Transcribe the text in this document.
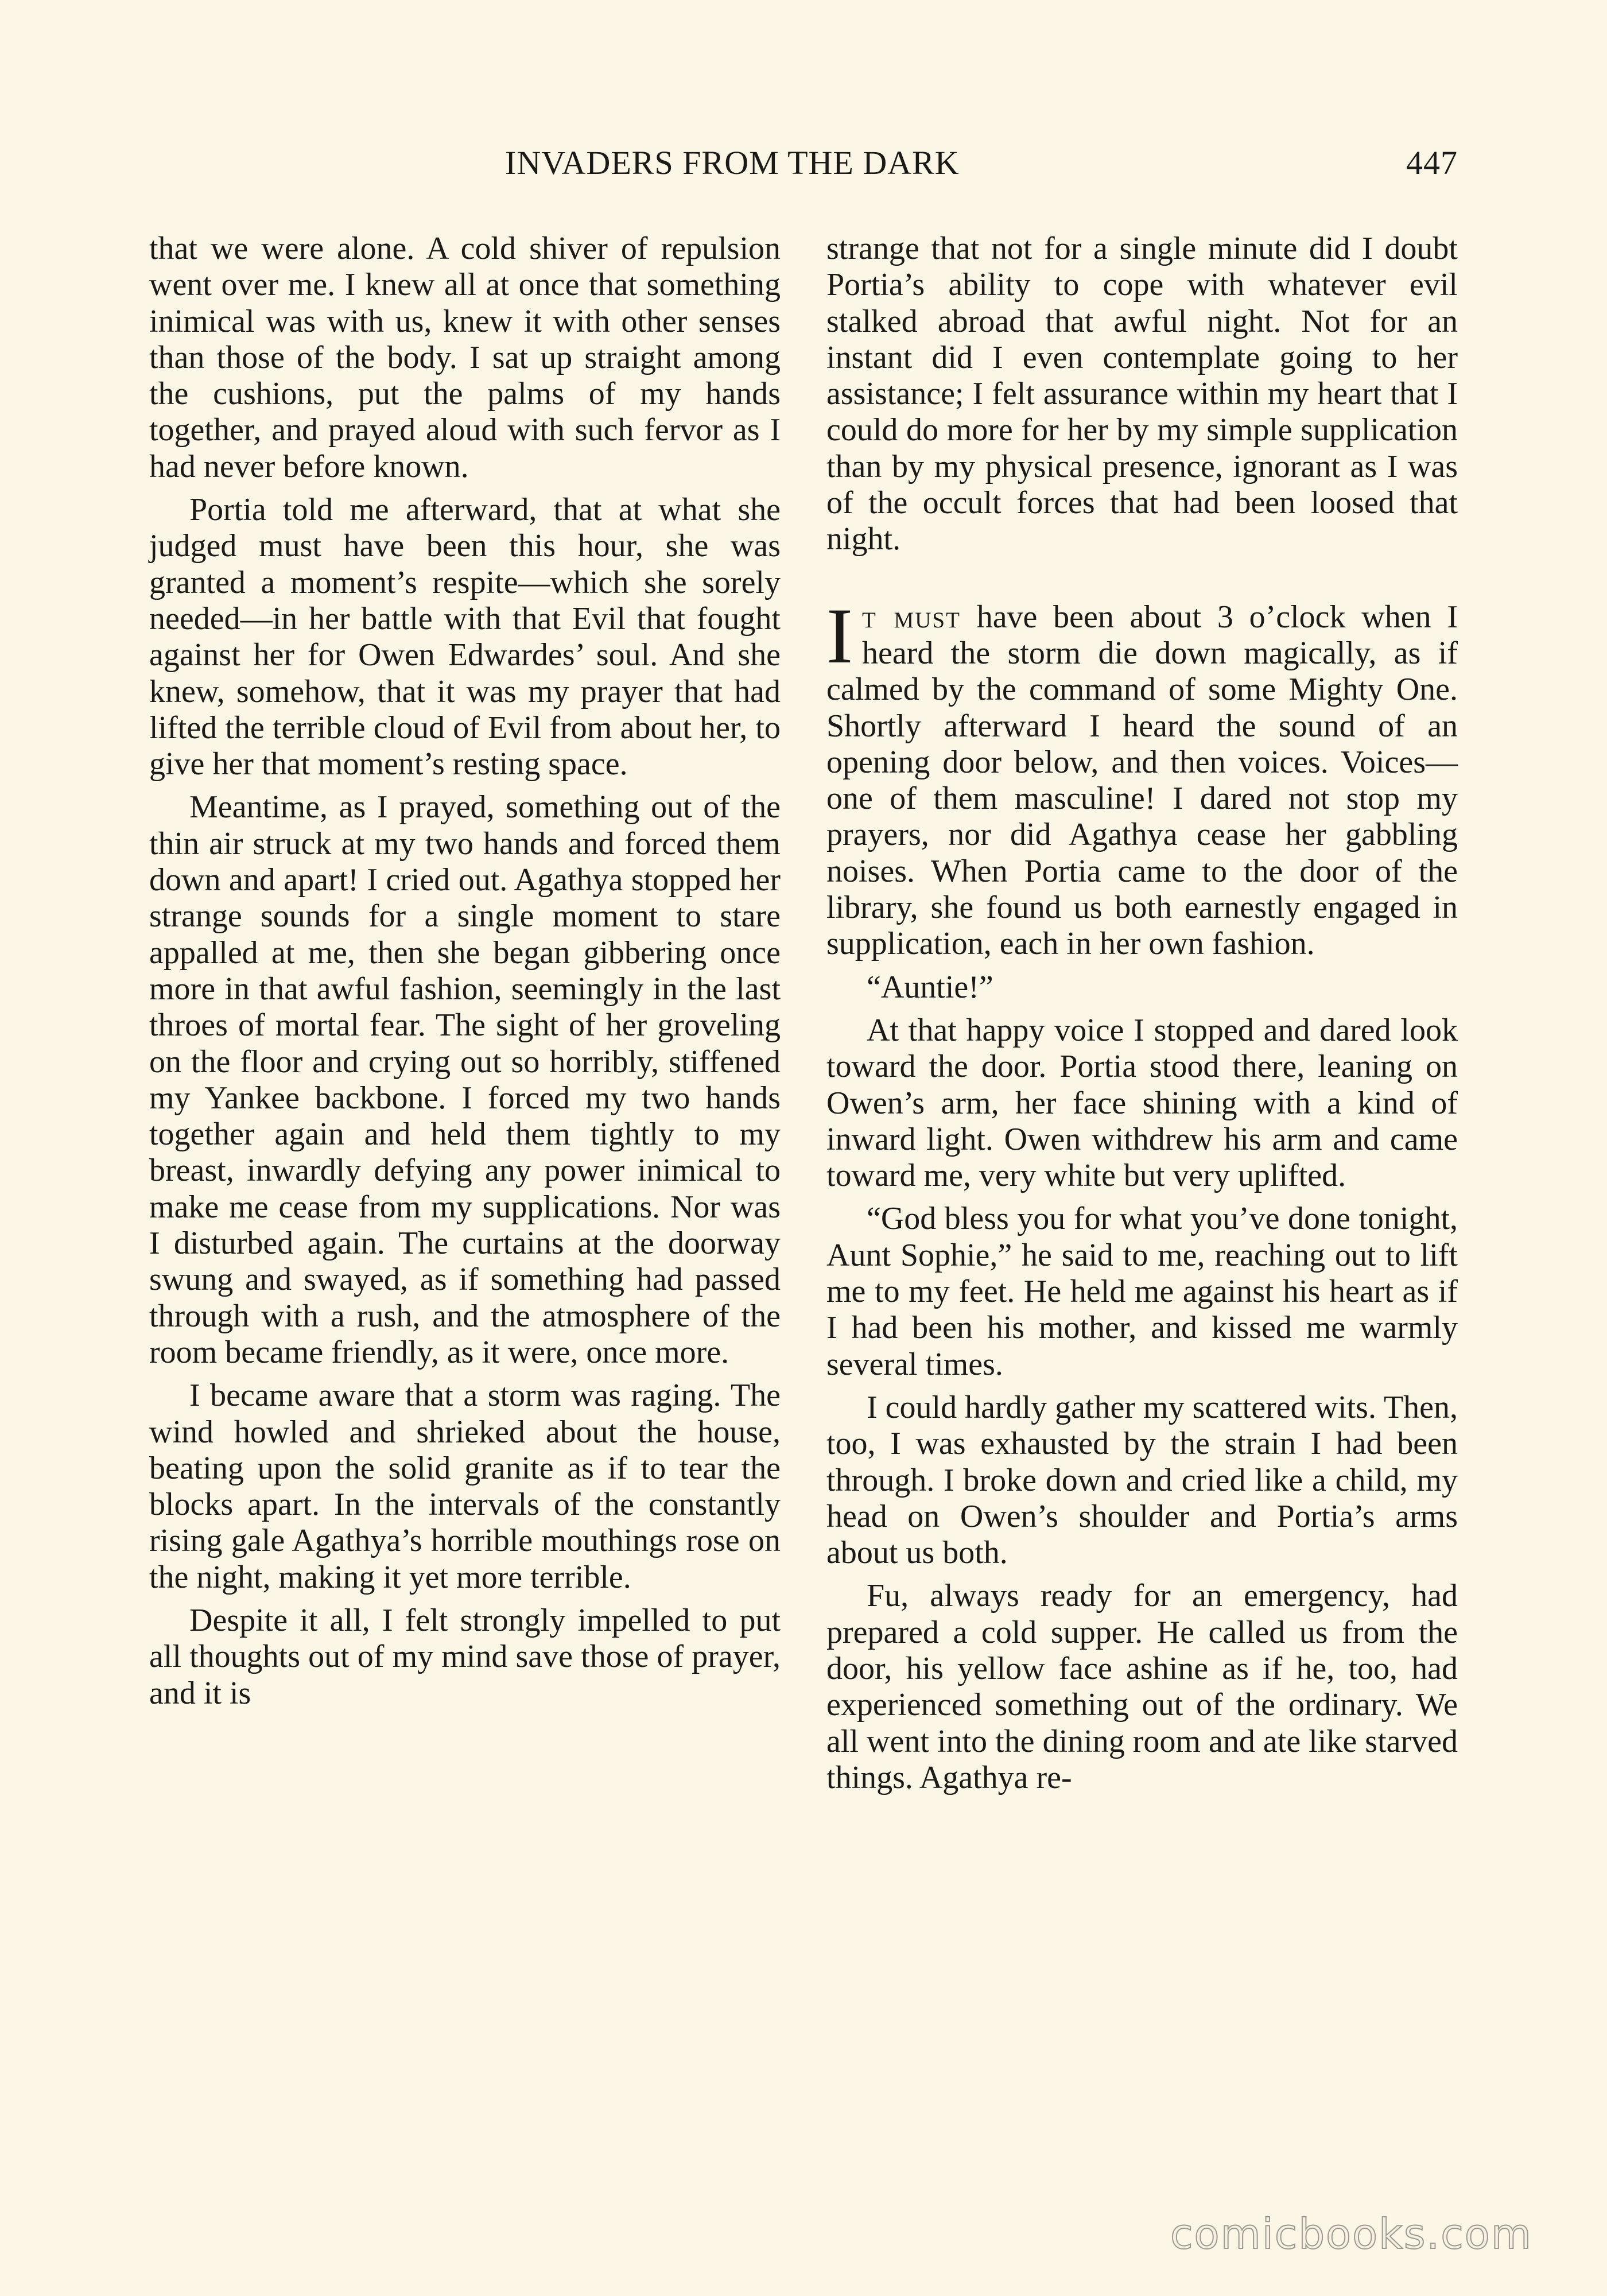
INVADERS FROM THE DARK	447

that we were alone. A cold shiver of repulsion went over me. I knew all at once that something inimical was with us, knew it with other senses than those of the body. I sat up straight among the cushions, put the palms of my hands together, and prayed aloud with such fervor as I had never before known.

Portia told me afterward, that at what she judged must have been this hour, she was granted a moment’s respite—which she sorely needed—in her battle with that Evil that fought against her for Owen Edwardes’ soul. And she knew, somehow, that it was my prayer that had lifted the terrible cloud of Evil from about her, to give her that moment’s resting space.

Meantime, as I prayed, something out of the thin air struck at my two hands and forced them down and apart! I cried out. Agathya stopped her strange sounds for a single moment to stare appalled at me, then she began gibbering once more in that awful fashion, seemingly in the last throes of mortal fear. The sight of her groveling on the floor and crying out so horribly, stiffened my Yankee backbone. I forced my two hands together again and held them tightly to my breast, inwardly defying any power inimical to make me cease from my supplications. Nor was I disturbed again. The curtains at the doorway swung and swayed, as if something had passed through with a rush, and the atmosphere of the room became friendly, as it were, once more.

I became aware that a storm was raging. The wind howled and shrieked about the house, beating upon the solid granite as if to tear the blocks apart. In the intervals of the constantly rising gale Agathya’s horrible mouthings rose on the night, making it yet more terrible.

Despite it all, I felt strongly impelled to put all thoughts out of my mind save those of prayer, and it is

strange that not for a single minute did I doubt Portia’s ability to cope with whatever evil stalked abroad that awful night. Not for an instant did I even contemplate going to her assistance; I felt assurance within my heart that I could do more for her by my simple supplication than by my physical presence, ignorant as I was of the occult forces that had been loosed that night.

It must have been about 3 o’clock when I heard the storm die down magically, as if calmed by the command of some Mighty One. Shortly afterward I heard the sound of an opening door below, and then voices. Voices—one of them masculine! I dared not stop my prayers, nor did Agathya cease her gabbling noises. When Portia came to the door of the library, she found us both earnestly engaged in supplication, each in her own fashion.

“Auntie!”

At that happy voice I stopped and dared look toward the door. Portia stood there, leaning on Owen’s arm, her face shining with a kind of inward light. Owen withdrew his arm and came toward me, very white but very uplifted.

“God bless you for what you’ve done tonight, Aunt Sophie,” he said to me, reaching out to lift me to my feet. He held me against his heart as if I had been his mother, and kissed me warmly several times.

I could hardly gather my scattered wits. Then, too, I was exhausted by the strain I had been through. I broke down and cried like a child, my head on Owen’s shoulder and Portia’s arms about us both.

Fu, always ready for an emergency, had prepared a cold supper. He called us from the door, his yellow face ashine as if he, too, had experienced something out of the ordinary. We all went into the dining room and ate like starved things. Agathya re-

comicbooks.com
